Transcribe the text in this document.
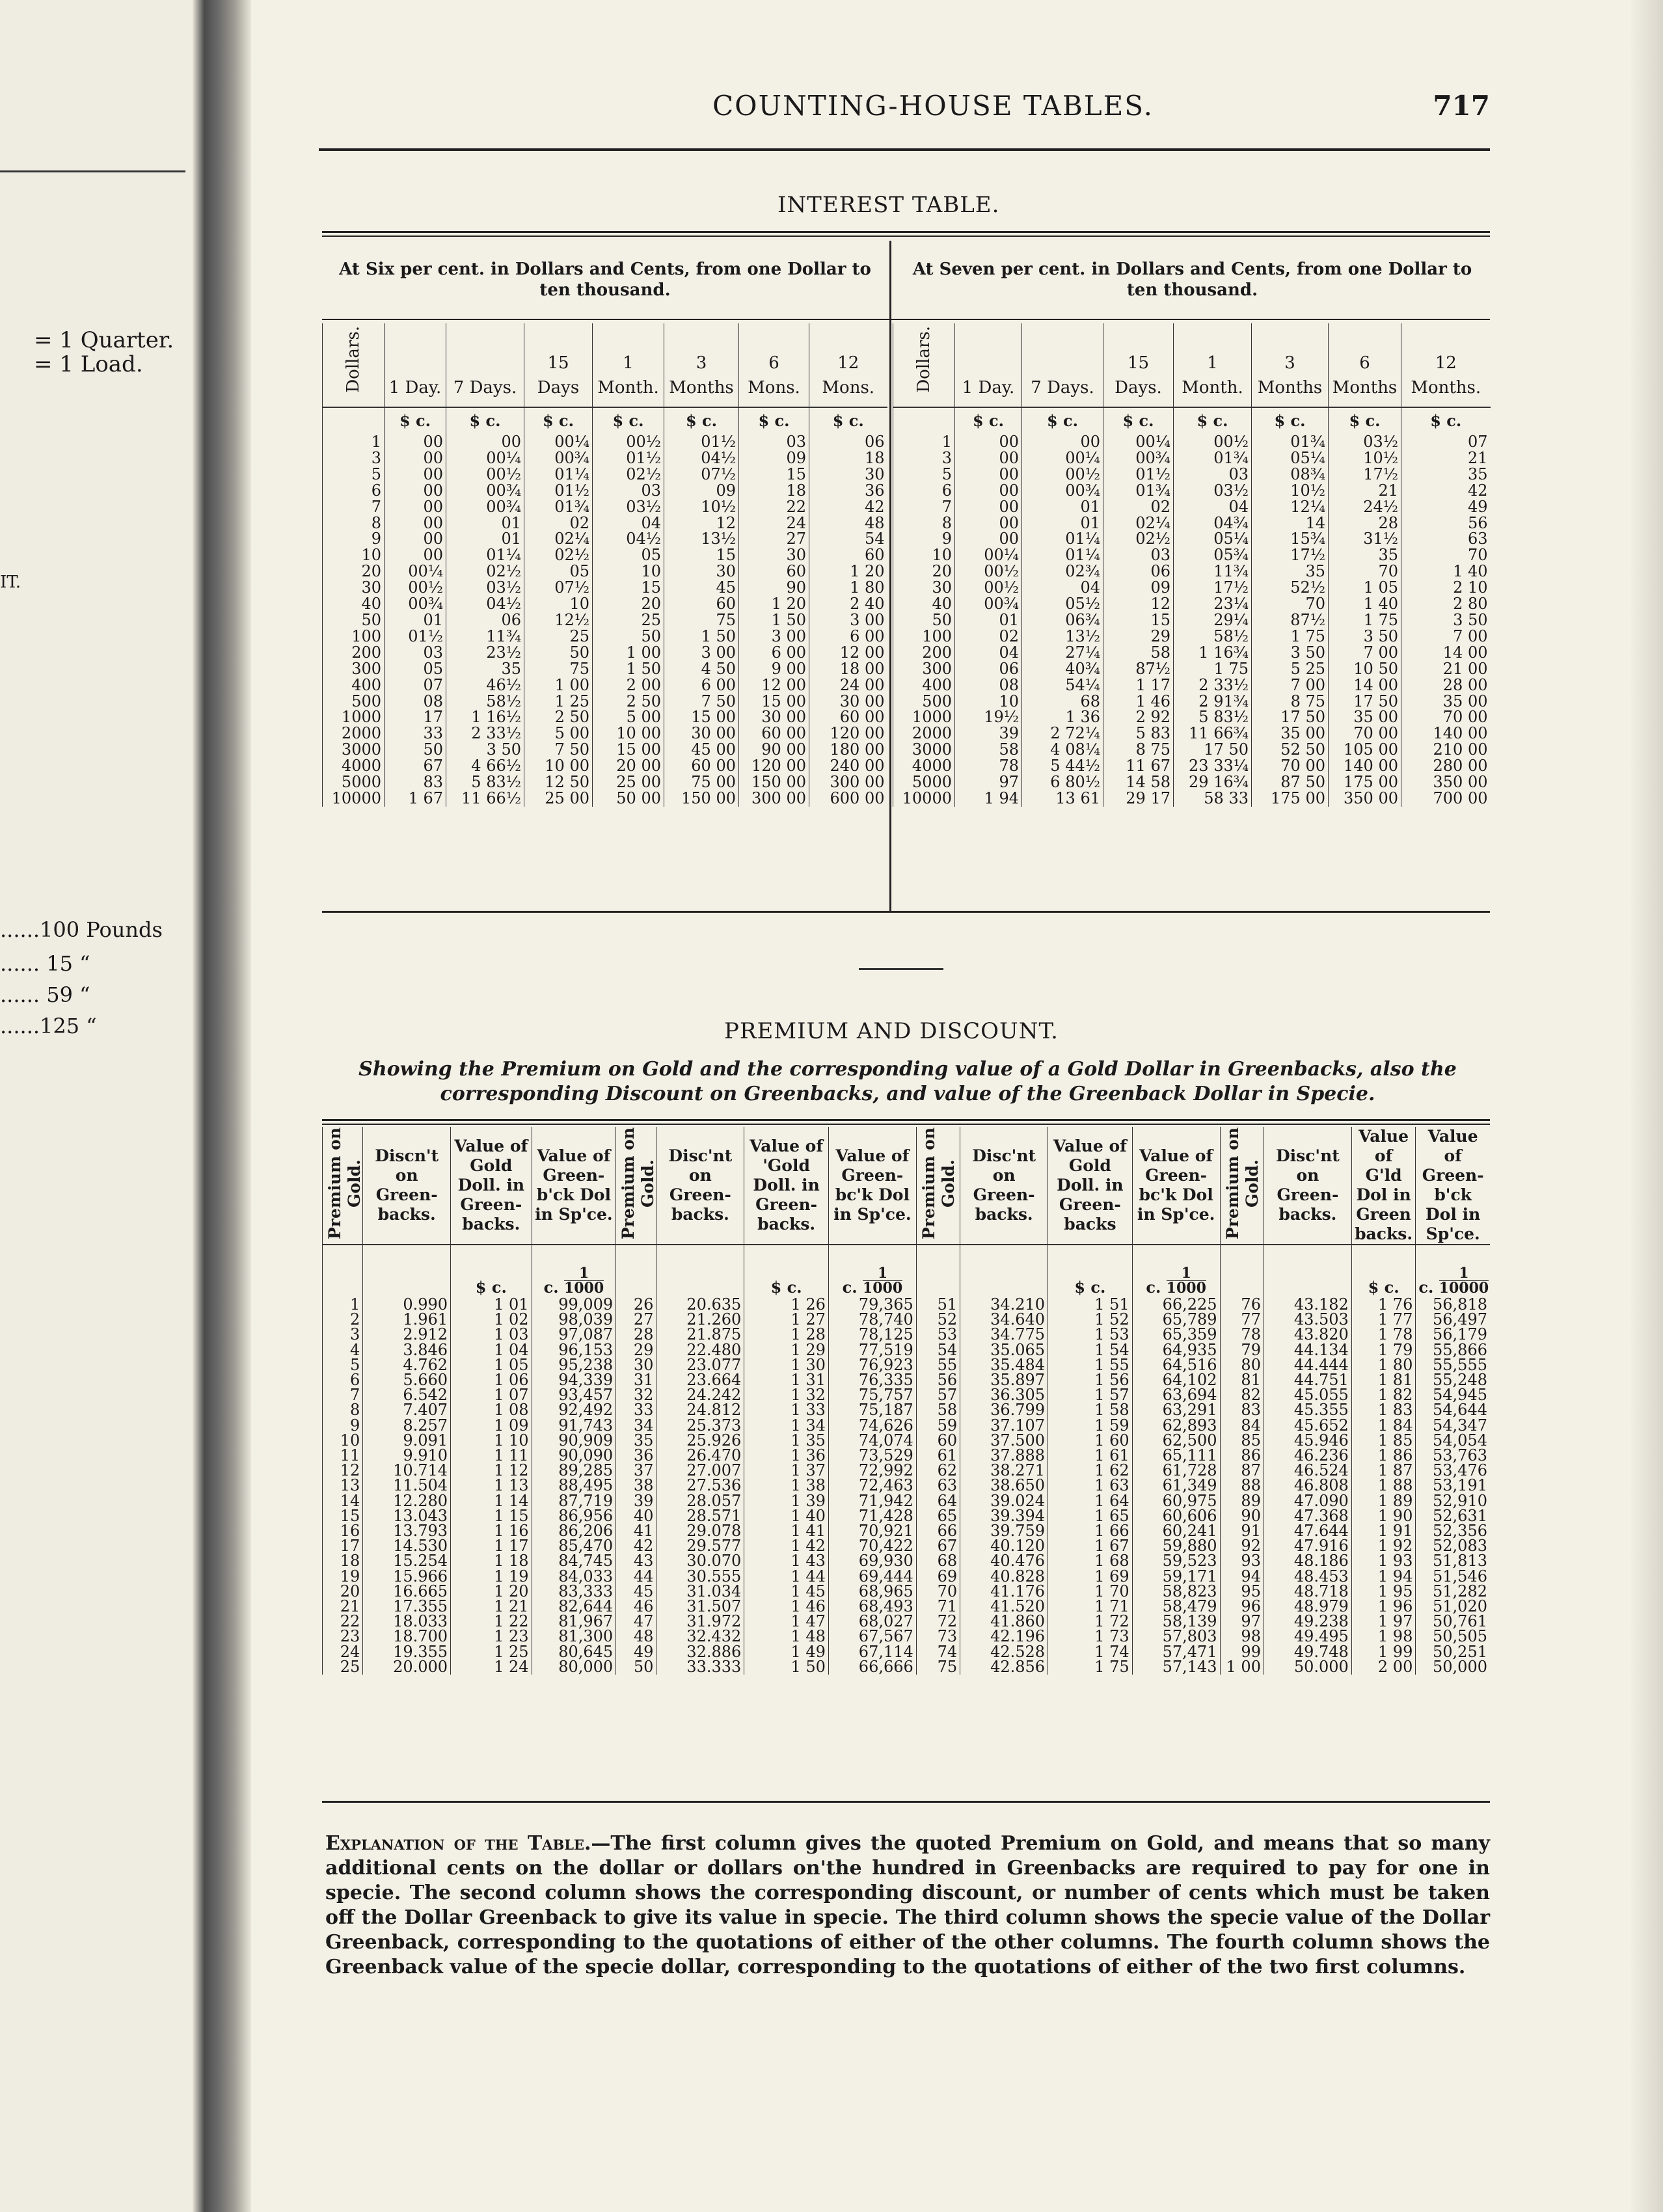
= 1 Quarter.
= 1 Load.
IT.
......100 Pounds
...... 15 “
...... 59 “
......125 “
COUNTING-HOUSE TABLES.	717
INTEREST TABLE.
At Six per cent. in Dollars and Cents, from one Dollar to ten thousand.
At Seven per cent. in Dollars and Cents, from one Dollar to ten thousand.
Dollars.	1 Day.	7 Days.	15 Days	1 Month.	3 Months	6 Mons.	12 Mons.
	$ c.	$ c.	$ c.	$ c.	$ c.	$ c.	$ c.
1	00	00	00¼	00½	01½	03	06
3	00	00¼	00¾	01½	04½	09	18
5	00	00½	01¼	02½	07½	15	30
6	00	00¾	01½	03	09	18	36
7	00	00¾	01¾	03½	10½	22	42
8	00	01	02	04	12	24	48
9	00	01	02¼	04½	13½	27	54
10	00	01¼	02½	05	15	30	60
20	00¼	02½	05	10	30	60	1 20
30	00½	03½	07½	15	45	90	1 80
40	00¾	04½	10	20	60	1 20	2 40
50	01	06	12½	25	75	1 50	3 00
100	01½	11¾	25	50	1 50	3 00	6 00
200	03	23½	50	1 00	3 00	6 00	12 00
300	05	35	75	1 50	4 50	9 00	18 00
400	07	46½	1 00	2 00	6 00	12 00	24 00
500	08	58½	1 25	2 50	7 50	15 00	30 00
1000	17	1 16½	2 50	5 00	15 00	30 00	60 00
2000	33	2 33½	5 00	10 00	30 00	60 00	120 00
3000	50	3 50	7 50	15 00	45 00	90 00	180 00
4000	67	4 66½	10 00	20 00	60 00	120 00	240 00
5000	83	5 83½	12 50	25 00	75 00	150 00	300 00
10000	1 67	11 66½	25 00	50 00	150 00	300 00	600 00
Dollars.	1 Day.	7 Days.	15 Days.	1 Month.	3 Months	6 Months	12 Months.
	$ c.	$ c.	$ c.	$ c.	$ c.	$ c.	$ c.
1	00	00	00¼	00½	01¾	03½	07
3	00	00¼	00¾	01¾	05¼	10½	21
5	00	00½	01½	03	08¾	17½	35
6	00	00¾	01¾	03½	10½	21	42
7	00	01	02	04	12¼	24½	49
8	00	01	02¼	04¾	14	28	56
9	00	01¼	02½	05¼	15¾	31½	63
10	00¼	01¼	03	05¾	17½	35	70
20	00½	02¾	06	11¾	35	70	1 40
30	00½	04	09	17½	52½	1 05	2 10
40	00¾	05½	12	23¼	70	1 40	2 80
50	01	06¾	15	29¼	87½	1 75	3 50
100	02	13½	29	58½	1 75	3 50	7 00
200	04	27¼	58	1 16¾	3 50	7 00	14 00
300	06	40¾	87½	1 75	5 25	10 50	21 00
400	08	54¼	1 17	2 33½	7 00	14 00	28 00
500	10	68	1 46	2 91¾	8 75	17 50	35 00
1000	19½	1 36	2 92	5 83½	17 50	35 00	70 00
2000	39	2 72¼	5 83	11 66¾	35 00	70 00	140 00
3000	58	4 08¼	8 75	17 50	52 50	105 00	210 00
4000	78	5 44½	11 67	23 33¼	70 00	140 00	280 00
5000	97	6 80½	14 58	29 16¾	87 50	175 00	350 00
10000	1 94	13 61	29 17	58 33	175 00	350 00	700 00
PREMIUM AND DISCOUNT.
Showing the Premium on Gold and the corresponding value of a Gold Dollar in Greenbacks, also the corresponding Discount on Greenbacks, and value of the Greenback Dollar in Specie.
Premium on Gold.	Discn't on Green-backs.	Value of Gold Doll. in Green-backs.	Value of Green-b'ck Dol in Sp'ce.	Premium on Gold.	Disc'nt on Green-backs.	Value of 'Gold Doll. in Green-backs.	Value of Green-bc'k Dol in Sp'ce.	Premium on Gold.	Disc'nt on Green-backs.	Value of Gold Doll. in Green-backs	Value of Green-bc'k Dol in Sp'ce.	Premium on Gold.	Disc'nt on Green-backs.	Value of G'ld Dol in Green backs.	Value of Green-b'ck Dol in Sp'ce.
		$ c.	c. $\frac{1}{1000}$			$ c.	c. $\frac{1}{1000}$			$ c.	c. $\frac{1}{1000}$			$ c.	c. $\frac{1}{10000}$
1	0.990	1 01	99,009	26	20.635	1 26	79,365	51	34.210	1 51	66,225	76	43.182	1 76	56,818
2	1.961	1 02	98,039	27	21.260	1 27	78,740	52	34.640	1 52	65,789	77	43.503	1 77	56,497
3	2.912	1 03	97,087	28	21.875	1 28	78,125	53	34.775	1 53	65,359	78	43.820	1 78	56,179
4	3.846	1 04	96,153	29	22.480	1 29	77,519	54	35.065	1 54	64,935	79	44.134	1 79	55,866
5	4.762	1 05	95,238	30	23.077	1 30	76,923	55	35.484	1 55	64,516	80	44.444	1 80	55,555
6	5.660	1 06	94,339	31	23.664	1 31	76,335	56	35.897	1 56	64,102	81	44.751	1 81	55,248
7	6.542	1 07	93,457	32	24.242	1 32	75,757	57	36.305	1 57	63,694	82	45.055	1 82	54,945
8	7.407	1 08	92,492	33	24.812	1 33	75,187	58	36.799	1 58	63,291	83	45.355	1 83	54,644
9	8.257	1 09	91,743	34	25.373	1 34	74,626	59	37.107	1 59	62,893	84	45.652	1 84	54,347
10	9.091	1 10	90,909	35	25.926	1 35	74,074	60	37.500	1 60	62,500	85	45.946	1 85	54,054
11	9.910	1 11	90,090	36	26.470	1 36	73,529	61	37.888	1 61	65,111	86	46.236	1 86	53,763
12	10.714	1 12	89,285	37	27.007	1 37	72,992	62	38.271	1 62	61,728	87	46.524	1 87	53,476
13	11.504	1 13	88,495	38	27.536	1 38	72,463	63	38.650	1 63	61,349	88	46.808	1 88	53,191
14	12.280	1 14	87,719	39	28.057	1 39	71,942	64	39.024	1 64	60,975	89	47.090	1 89	52,910
15	13.043	1 15	86,956	40	28.571	1 40	71,428	65	39.394	1 65	60,606	90	47.368	1 90	52,631
16	13.793	1 16	86,206	41	29.078	1 41	70,921	66	39.759	1 66	60,241	91	47.644	1 91	52,356
17	14.530	1 17	85,470	42	29.577	1 42	70,422	67	40.120	1 67	59,880	92	47.916	1 92	52,083
18	15.254	1 18	84,745	43	30.070	1 43	69,930	68	40.476	1 68	59,523	93	48.186	1 93	51,813
19	15.966	1 19	84,033	44	30.555	1 44	69,444	69	40.828	1 69	59,171	94	48.453	1 94	51,546
20	16.665	1 20	83,333	45	31.034	1 45	68,965	70	41.176	1 70	58,823	95	48.718	1 95	51,282
21	17.355	1 21	82,644	46	31.507	1 46	68,493	71	41.520	1 71	58,479	96	48.979	1 96	51,020
22	18.033	1 22	81,967	47	31.972	1 47	68,027	72	41.860	1 72	58,139	97	49.238	1 97	50,761
23	18.700	1 23	81,300	48	32.432	1 48	67,567	73	42.196	1 73	57,803	98	49.495	1 98	50,505
24	19.355	1 25	80,645	49	32.886	1 49	67,114	74	42.528	1 74	57,471	99	49.748	1 99	50,251
25	20.000	1 24	80,000	50	33.333	1 50	66,666	75	42.856	1 75	57,143	1 00	50.000	2 00	50,000
Explanation of the Table.—The first column gives the quoted Premium on Gold, and means that so many additional cents on the dollar or dollars on'the hundred in Greenbacks are required to pay for one in specie. The second column shows the corresponding discount, or number of cents which must be taken off the Dollar Greenback to give its value in specie. The third column shows the specie value of the Dollar Greenback, corresponding to the quotations of either of the other columns. The fourth column shows the Greenback value of the specie dollar, corresponding to the quotations of either of the two first columns.
